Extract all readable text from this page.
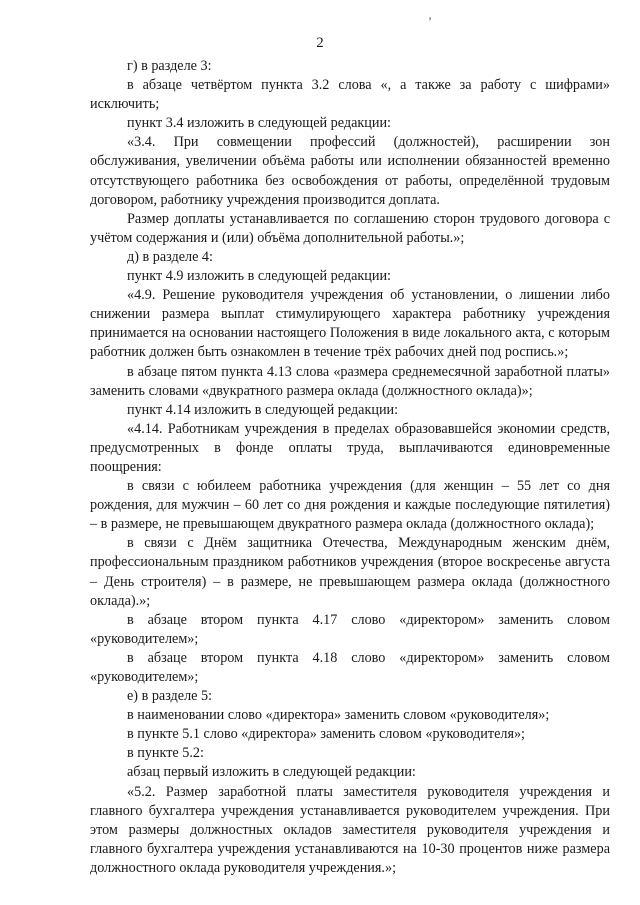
’
2

г) в разделе 3:

в абзаце четвёртом пункта 3.2 слова «, а также за работу с шифрами» исключить;

пункт 3.4 изложить в следующей редакции:

«3.4. При совмещении профессий (должностей), расширении зон обслуживания, увеличении объёма работы или исполнении обязанностей временно отсутствующего работника без освобождения от работы, определённой трудовым договором, работнику учреждения производится доплата.

Размер доплаты устанавливается по соглашению сторон трудового договора с учётом содержания и (или) объёма дополнительной работы.»;

д) в разделе 4:

пункт 4.9 изложить в следующей редакции:

«4.9. Решение руководителя учреждения об установлении, о лишении либо снижении размера выплат стимулирующего характера работнику учреждения принимается на основании настоящего Положения в виде локального акта, с которым работник должен быть ознакомлен в течение трёх рабочих дней под роспись.»;

в абзаце пятом пункта 4.13 слова «размера среднемесячной заработной платы» заменить словами «двукратного размера оклада (должностного оклада)»;

пункт 4.14 изложить в следующей редакции:

«4.14. Работникам учреждения в пределах образовавшейся экономии средств, предусмотренных в фонде оплаты труда, выплачиваются единовременные поощрения:

в связи с юбилеем работника учреждения (для женщин – 55 лет со дня рождения, для мужчин – 60 лет со дня рождения и каждые последующие пятилетия) – в размере, не превышающем двукратного размера оклада (должностного оклада);

в связи с Днём защитника Отечества, Международным женским днём, профессиональным праздником работников учреждения (второе воскресенье августа – День строителя) – в размере, не превышающем размера оклада (должностного оклада).»;

в абзаце втором пункта 4.17 слово «директором» заменить словом «руководителем»;

в абзаце втором пункта 4.18 слово «директором» заменить словом «руководителем»;

е) в разделе 5:

в наименовании слово «директора» заменить словом «руководителя»;

в пункте 5.1 слово «директора» заменить словом «руководителя»;

в пункте 5.2:

абзац первый изложить в следующей редакции:

«5.2. Размер заработной платы заместителя руководителя учреждения и главного бухгалтера учреждения устанавливается руководителем учреждения. При этом размеры должностных окладов заместителя руководителя учреждения и главного бухгалтера учреждения устанавливаются на 10-30 процентов ниже размера должностного оклада руководителя учреждения.»;
